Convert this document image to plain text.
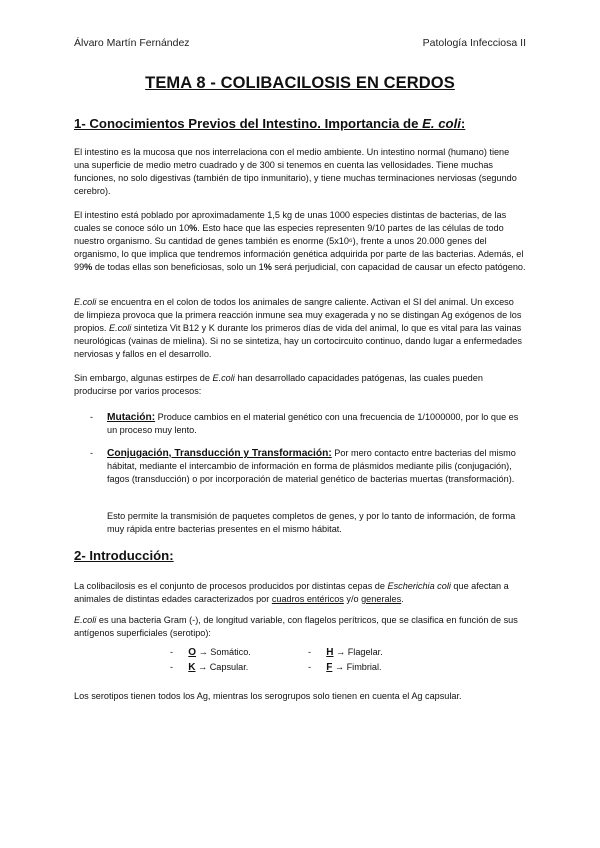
Álvaro Martín Fernández	Patología Infecciosa II
TEMA 8 - COLIBACILOSIS EN CERDOS
1- Conocimientos Previos del Intestino. Importancia de E. coli:

El intestino es la mucosa que nos interrelaciona con el medio ambiente. Un intestino normal (humano) tiene una superficie de medio metro cuadrado y de 300 si tenemos en cuenta las vellosidades. Tiene muchas funciones, no solo digestivas (también de tipo inmunitario), y tiene muchas terminaciones nerviosas (segundo cerebro).

El intestino está poblado por aproximadamente 1,5 kg de unas 1000 especies distintas de bacterias, de las cuales se conoce sólo un 10%. Esto hace que las especies representen 9/10 partes de las células de todo nuestro organismo. Su cantidad de genes también es enorme (5x10⁶), frente a unos 20.000 genes del organismo, lo que implica que tendremos información genética adquirida por parte de las bacterias. Además, el 99% de todas ellas son beneficiosas, solo un 1% será perjudicial, con capacidad de causar un efecto patógeno.

E.coli se encuentra en el colon de todos los animales de sangre caliente. Activan el SI del animal. Un exceso de limpieza provoca que la primera reacción inmune sea muy exagerada y no se distingan Ag exógenos de los propios. E.coli sintetiza Vit B12 y K durante los primeros días de vida del animal, lo que es vital para las vainas neurológicas (vainas de mielina). Si no se sintetiza, hay un cortocircuito continuo, dando lugar a enfermedades nerviosas y fallos en el desarrollo.

Sin embargo, algunas estirpes de E.coli han desarrollado capacidades patógenas, las cuales pueden producirse por varios procesos:

- Mutación: Produce cambios en el material genético con una frecuencia de 1/1000000, por lo que es un proceso muy lento.
- Conjugación, Transducción y Transformación: Por mero contacto entre bacterias del mismo hábitat, mediante el intercambio de información en forma de plásmidos mediante pilis (conjugación), fagos (transducción) o por incorporación de material genético de bacterias muertas (transformación).
Esto permite la transmisión de paquetes completos de genes, y por lo tanto de información, de forma muy rápida entre bacterias presentes en el mismo hábitat.
2- Introducción:

La colibacilosis es el conjunto de procesos producidos por distintas cepas de Escherichia coli que afectan a animales de distintas edades caracterizados por cuadros entéricos y/o generales.

E.coli es una bacteria Gram (-), de longitud variable, con flagelos perítricos, que se clasifica en función de sus antígenos superficiales (serotipo):

- O → Somático.	- H → Flagelar.
- K → Capsular.	- F → Fimbrial.

Los serotipos tienen todos los Ag, mientras los serogrupos solo tienen en cuenta el Ag capsular.
